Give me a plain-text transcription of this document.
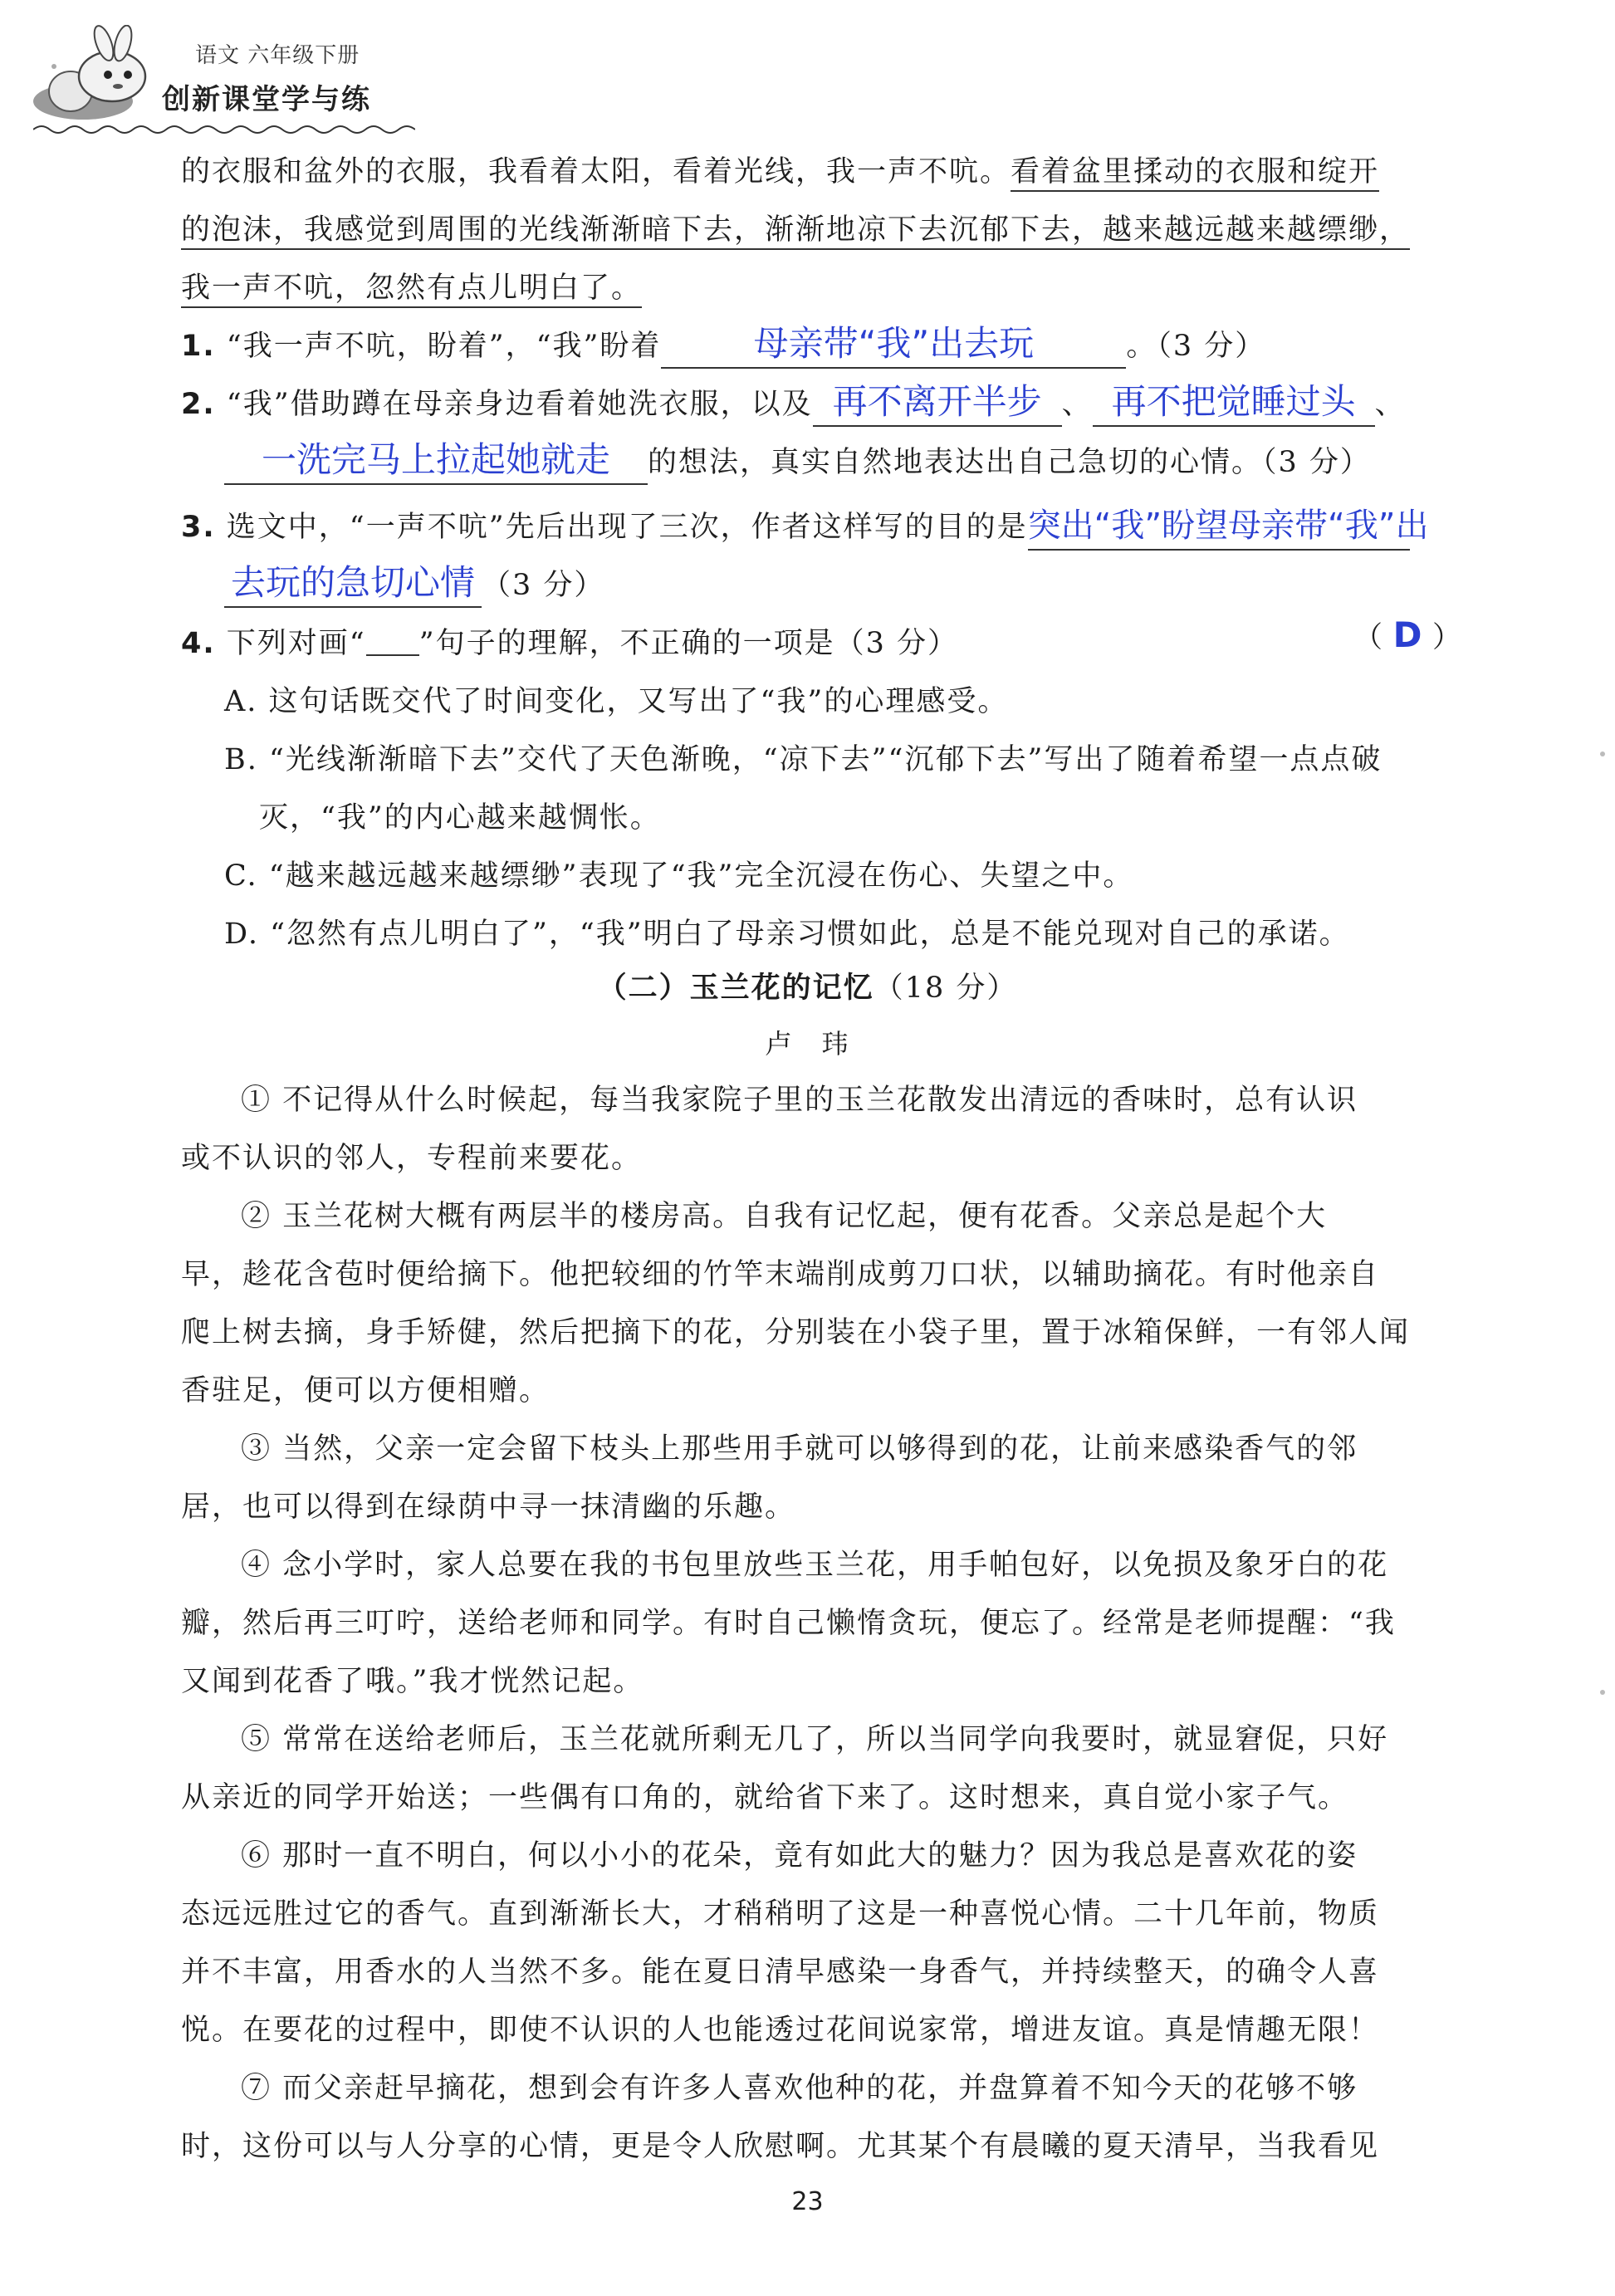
语文 六年级下册
创新课堂学与练
的衣服和盆外的衣服，我看着太阳，看着光线，我一声不吭。看着盆里揉动的衣服和绽开
的泡沫，我感觉到周围的光线渐渐暗下去，渐渐地凉下去沉郁下去，越来越远越来越缥缈，
我一声不吭，忽然有点儿明白了。
1. “我一声不吭，盼着”，“我”盼着	母亲带“我”出去玩	。（3 分）
2. “我”借助蹲在母亲身边看着她洗衣服，以及 再不离开半步 、 再不把觉睡过头 、
一洗完马上拉起她就走 的想法，真实自然地表达出自己急切的心情。（3 分）
3. 选文中，“一声不吭”先后出现了三次，作者这样写的目的是突出“我”盼望母亲带“我”出
去玩的急切心情 （3 分）
4. 下列对画“ ”句子的理解，不正确的一项是（3 分）	（ D ）
A. 这句话既交代了时间变化，又写出了“我”的心理感受。
B. “光线渐渐暗下去”交代了天色渐晚，“凉下去”“沉郁下去”写出了随着希望一点点破
灭，“我”的内心越来越惆怅。
C. “越来越远越来越缥缈”表现了“我”完全沉浸在伤心、失望之中。
D. “忽然有点儿明白了”，“我”明白了母亲习惯如此，总是不能兑现对自己的承诺。
（二）玉兰花的记忆（18 分）
卢　玮
① 不记得从什么时候起，每当我家院子里的玉兰花散发出清远的香味时，总有认识
或不认识的邻人，专程前来要花。
② 玉兰花树大概有两层半的楼房高。自我有记忆起，便有花香。父亲总是起个大
早，趁花含苞时便给摘下。他把较细的竹竿末端削成剪刀口状，以辅助摘花。有时他亲自
爬上树去摘，身手矫健，然后把摘下的花，分别装在小袋子里，置于冰箱保鲜，一有邻人闻
香驻足，便可以方便相赠。
③ 当然，父亲一定会留下枝头上那些用手就可以够得到的花，让前来感染香气的邻
居，也可以得到在绿荫中寻一抹清幽的乐趣。
④ 念小学时，家人总要在我的书包里放些玉兰花，用手帕包好，以免损及象牙白的花
瓣，然后再三叮咛，送给老师和同学。有时自己懒惰贪玩，便忘了。经常是老师提醒：“我
又闻到花香了哦。”我才恍然记起。
⑤ 常常在送给老师后，玉兰花就所剩无几了，所以当同学向我要时，就显窘促，只好
从亲近的同学开始送；一些偶有口角的，就给省下来了。这时想来，真自觉小家子气。
⑥ 那时一直不明白，何以小小的花朵，竟有如此大的魅力？因为我总是喜欢花的姿
态远远胜过它的香气。直到渐渐长大，才稍稍明了这是一种喜悦心情。二十几年前，物质
并不丰富，用香水的人当然不多。能在夏日清早感染一身香气，并持续整天，的确令人喜
悦。在要花的过程中，即使不认识的人也能透过花间说家常，增进友谊。真是情趣无限！
⑦ 而父亲赶早摘花，想到会有许多人喜欢他种的花，并盘算着不知今天的花够不够
时，这份可以与人分享的心情，更是令人欣慰啊。尤其某个有晨曦的夏天清早，当我看见
23
